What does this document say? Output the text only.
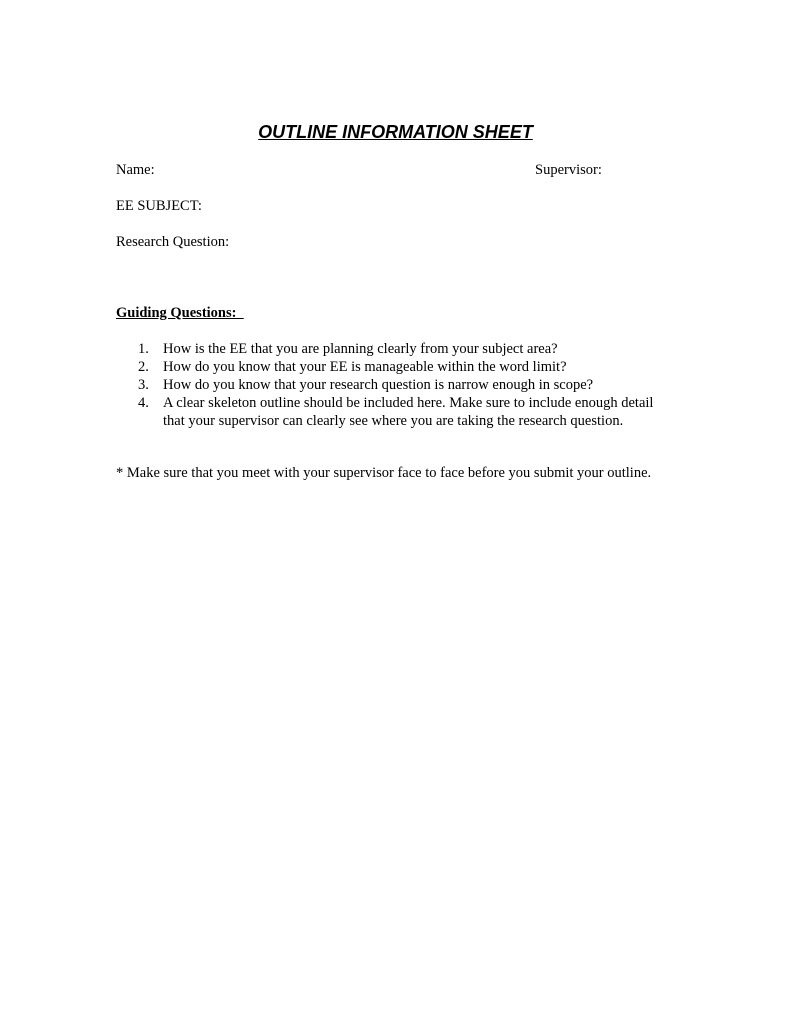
OUTLINE INFORMATION SHEET
Name:	Supervisor:
EE SUBJECT:
Research Question:
Guiding Questions:
1. How is the EE that you are planning clearly from your subject area?
2. How do you know that your EE is manageable within the word limit?
3. How do you know that your research question is narrow enough in scope?
4. A clear skeleton outline should be included here. Make sure to include enough detail that your supervisor can clearly see where you are taking the research question.
* Make sure that you meet with your supervisor face to face before you submit your outline.
